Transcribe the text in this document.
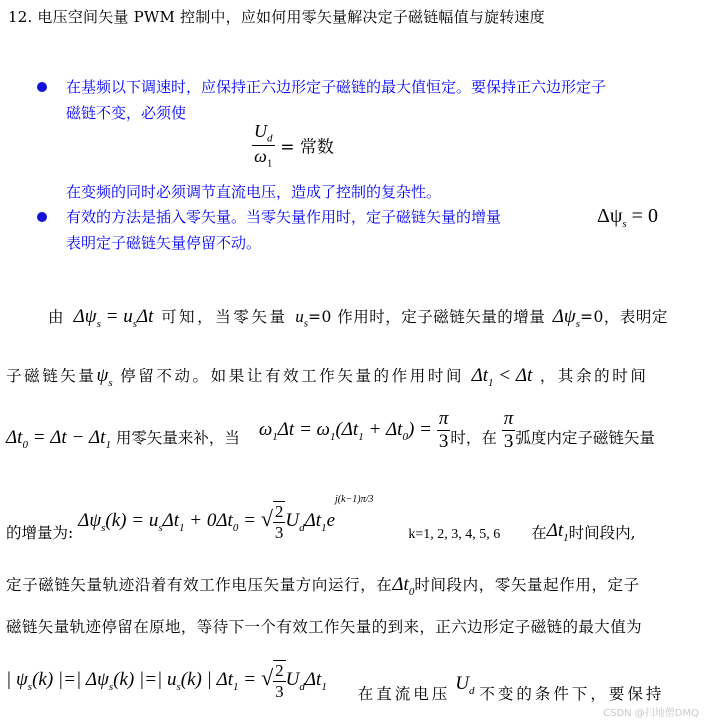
12. 电压空间矢量 PWM 控制中，应如何用零矢量解决定子磁链幅值与旋转速度
在基频以下调速时，应保持正六边形定子磁链的最大值恒定。要保持正六边形定子
磁链不变，必须使
$\frac{U_d}{\omega_1}$ = 常数
在变频的同时必须调节直流电压，造成了控制的复杂性。
有效的方法是插入零矢量。当零矢量作用时，定子磁链矢量的增量	$\Delta\psi_s = 0$
表明定子磁链矢量停留不动。
由 $\Delta\psi_s = u_s\Delta t$ 可知，当零矢量 $u_s=0$ 作用时，定子磁链矢量的增量 $\Delta\psi_s=0$，表明定
子磁链矢量$\psi_s$ 停留不动。如果让有效工作矢量的作用时间 $\Delta t_1 < \Delta t$ ，其余的时间
$\Delta t_0 = \Delta t - \Delta t_1$ 用零矢量来补，当 $\omega_1\Delta t = \omega_1(\Delta t_1 + \Delta t_0) = \frac{\pi}{3}$ 时，在 $\frac{\pi}{3}$ 弧度内定子磁链矢量
的增量为: $\Delta\psi_s(k) = u_s\Delta t_1 + 0\Delta t_0$ = √ $\frac{2}{3} U_d\Delta t_1e^{j(k-1)\pi/3}$ k=1, 2, 3, 4, 5, 6 在$\Delta t_1$时间段内,
定子磁链矢量轨迹沿着有效工作电压矢量方向运行，在$\Delta t_0$时间段内，零矢量起作用，定子
磁链矢量轨迹停留在原地，等待下一个有效工作矢量的到来，正六边形定子磁链的最大值为
| $\psi_s(k)$ |=| $\Delta\psi_s(k)$ |=| $u_s(k)$ | $\Delta t_1$ = √ $\frac{2}{3} U_d\Delta t_1$ 在直流电压 $U_d$ 不变的条件下，要保持
CSDN @扫地僧DMQ
